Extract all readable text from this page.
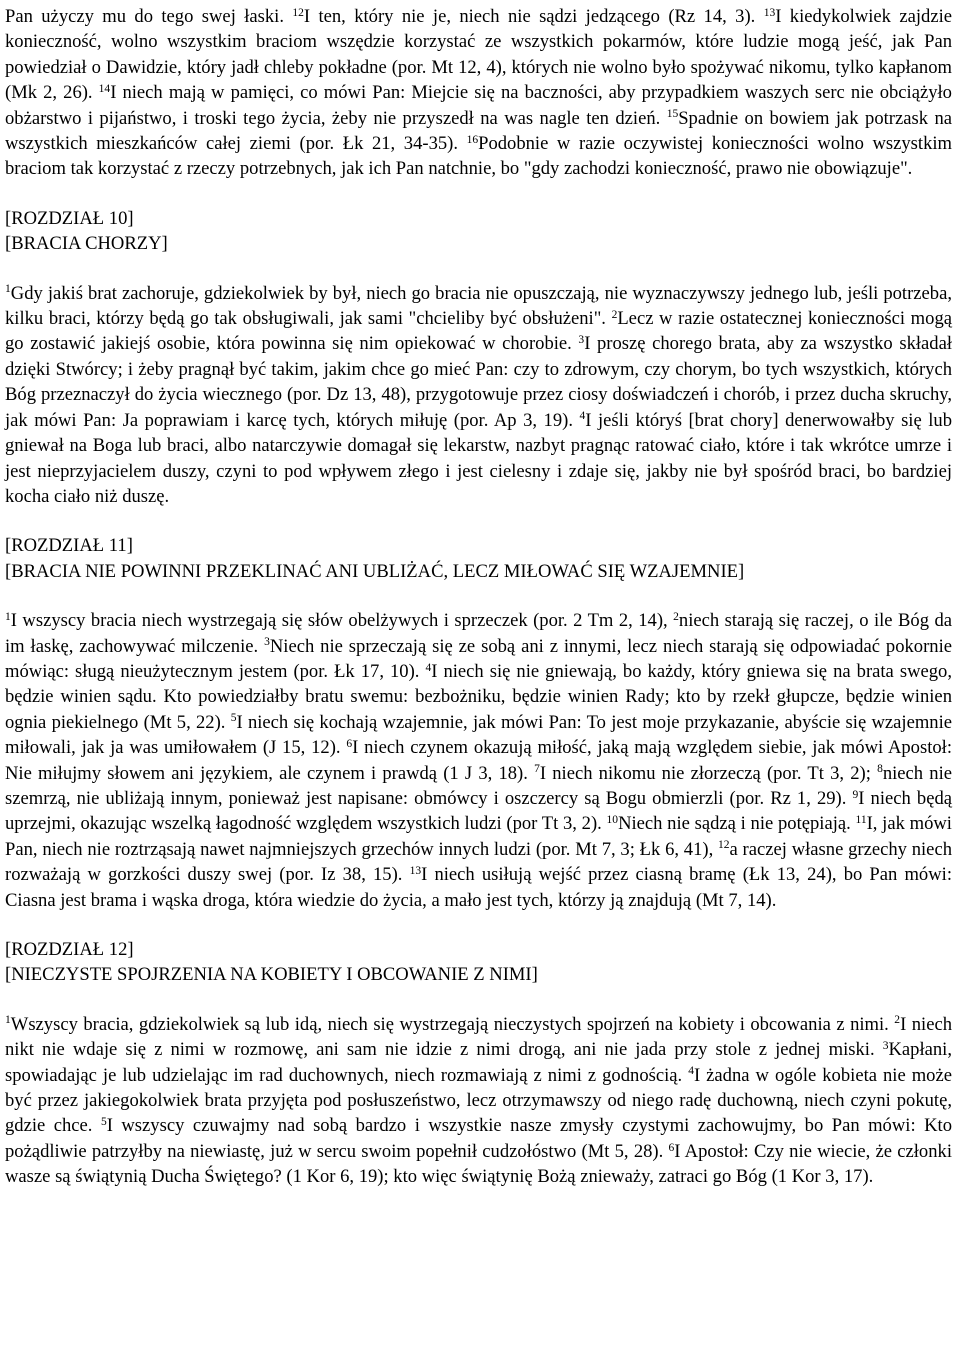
Pan użyczy mu do tego swej łaski. $^{12}$I ten, który nie je, niech nie sądzi jedzącego (Rz 14, 3). $^{13}$I kiedykolwiek zajdzie konieczność, wolno wszystkim braciom wszędzie korzystać ze wszystkich pokarmów, które ludzie mogą jeść, jak Pan powiedział o Dawidzie, który jadł chleby pokładne (por. Mt 12, 4), których nie wolno było spożywać nikomu, tylko kapłanom (Mk 2, 26). $^{14}$I niech mają w pamięci, co mówi Pan: Miejcie się na baczności, aby przypadkiem waszych serc nie obciążyło obżarstwo i pijaństwo, i troski tego życia, żeby nie przyszedł na was nagle ten dzień. $^{15}$Spadnie on bowiem jak potrzask na wszystkich mieszkańców całej ziemi (por. Łk 21, 34-35). $^{16}$Podobnie w razie oczywistej konieczności wolno wszystkim braciom tak korzystać z rzeczy potrzebnych, jak ich Pan natchnie, bo "gdy zachodzi konieczność, prawo nie obowiązuje".

[ROZDZIAŁ 10]
[BRACIA CHORZY]

$^1$Gdy jakiś brat zachoruje, gdziekolwiek by był, niech go bracia nie opuszczają, nie wyznaczywszy jednego lub, jeśli potrzeba, kilku braci, którzy będą go tak obsługiwali, jak sami "chcieliby być obsłużeni". $^2$Lecz w razie ostatecznej konieczności mogą go zostawić jakiejś osobie, która powinna się nim opiekować w chorobie. $^3$I proszę chorego brata, aby za wszystko składał dzięki Stwórcy; i żeby pragnął być takim, jakim chce go mieć Pan: czy to zdrowym, czy chorym, bo tych wszystkich, których Bóg przeznaczył do życia wiecznego (por. Dz 13, 48), przygotowuje przez ciosy doświadczeń i chorób, i przez ducha skruchy, jak mówi Pan: Ja poprawiam i karcę tych, których miłuję (por. Ap 3, 19). $^4$I jeśli któryś [brat chory] denerwowałby się lub gniewał na Boga lub braci, albo natarczywie domagał się lekarstw, nazbyt pragnąc ratować ciało, które i tak wkrótce umrze i jest nieprzyjacielem duszy, czyni to pod wpływem złego i jest cielesny i zdaje się, jakby nie był spośród braci, bo bardziej kocha ciało niż duszę.

[ROZDZIAŁ 11]
[BRACIA NIE POWINNI PRZEKLINAĆ ANI UBLIŻAĆ, LECZ MIŁOWAĆ SIĘ WZAJEMNIE]

$^1$I wszyscy bracia niech wystrzegają się słów obelżywych i sprzeczek (por. 2 Tm 2, 14), $^2$niech starają się raczej, o ile Bóg da im łaskę, zachowywać milczenie. $^3$Niech nie sprzeczają się ze sobą ani z innymi, lecz niech starają się odpowiadać pokornie mówiąc: sługą nieużytecznym jestem (por. Łk 17, 10). $^4$I niech się nie gniewają, bo każdy, który gniewa się na brata swego, będzie winien sądu. Kto powiedziałby bratu swemu: bezbożniku, będzie winien Rady; kto by rzekł głupcze, będzie winien ognia piekielnego (Mt 5, 22). $^5$I niech się kochają wzajemnie, jak mówi Pan: To jest moje przykazanie, abyście się wzajemnie miłowali, jak ja was umiłowałem (J 15, 12). $^6$I niech czynem okazują miłość, jaką mają względem siebie, jak mówi Apostoł: Nie miłujmy słowem ani językiem, ale czynem i prawdą (1 J 3, 18). $^7$I niech nikomu nie złorzeczą (por. Tt 3, 2); $^8$niech nie szemrzą, nie ubliżają innym, ponieważ jest napisane: obmówcy i oszczercy są Bogu obmierzli (por. Rz 1, 29). $^9$I niech będą uprzejmi, okazując wszelką łagodność względem wszystkich ludzi (por Tt 3, 2). $^{10}$Niech nie sądzą i nie potępiają. $^{11}$I, jak mówi Pan, niech nie roztrząsają nawet najmniejszych grzechów innych ludzi (por. Mt 7, 3; Łk 6, 41), $^{12}$a raczej własne grzechy niech rozważają w gorzkości duszy swej (por. Iz 38, 15). $^{13}$I niech usiłują wejść przez ciasną bramę (Łk 13, 24), bo Pan mówi: Ciasna jest brama i wąska droga, która wiedzie do życia, a mało jest tych, którzy ją znajdują (Mt 7, 14).

[ROZDZIAŁ 12]
[NIECZYSTE SPOJRZENIA NA KOBIETY I OBCOWANIE Z NIMI]

$^1$Wszyscy bracia, gdziekolwiek są lub idą, niech się wystrzegają nieczystych spojrzeń na kobiety i obcowania z nimi. $^2$I niech nikt nie wdaje się z nimi w rozmowę, ani sam nie idzie z nimi drogą, ani nie jada przy stole z jednej miski. $^3$Kapłani, spowiadając je lub udzielając im rad duchownych, niech rozmawiają z nimi z godnością. $^4$I żadna w ogóle kobieta nie może być przez jakiegokolwiek brata przyjęta pod posłuszeństwo, lecz otrzymawszy od niego radę duchowną, niech czyni pokutę, gdzie chce. $^5$I wszyscy czuwajmy nad sobą bardzo i wszystkie nasze zmysły czystymi zachowujmy, bo Pan mówi: Kto pożądliwie patrzyłby na niewiastę, już w sercu swoim popełnił cudzołóstwo (Mt 5, 28). $^6$I Apostoł: Czy nie wiecie, że członki wasze są świątynią Ducha Świętego? (1 Kor 6, 19); kto więc świątynię Bożą znieważy, zatraci go Bóg (1 Kor 3, 17).
